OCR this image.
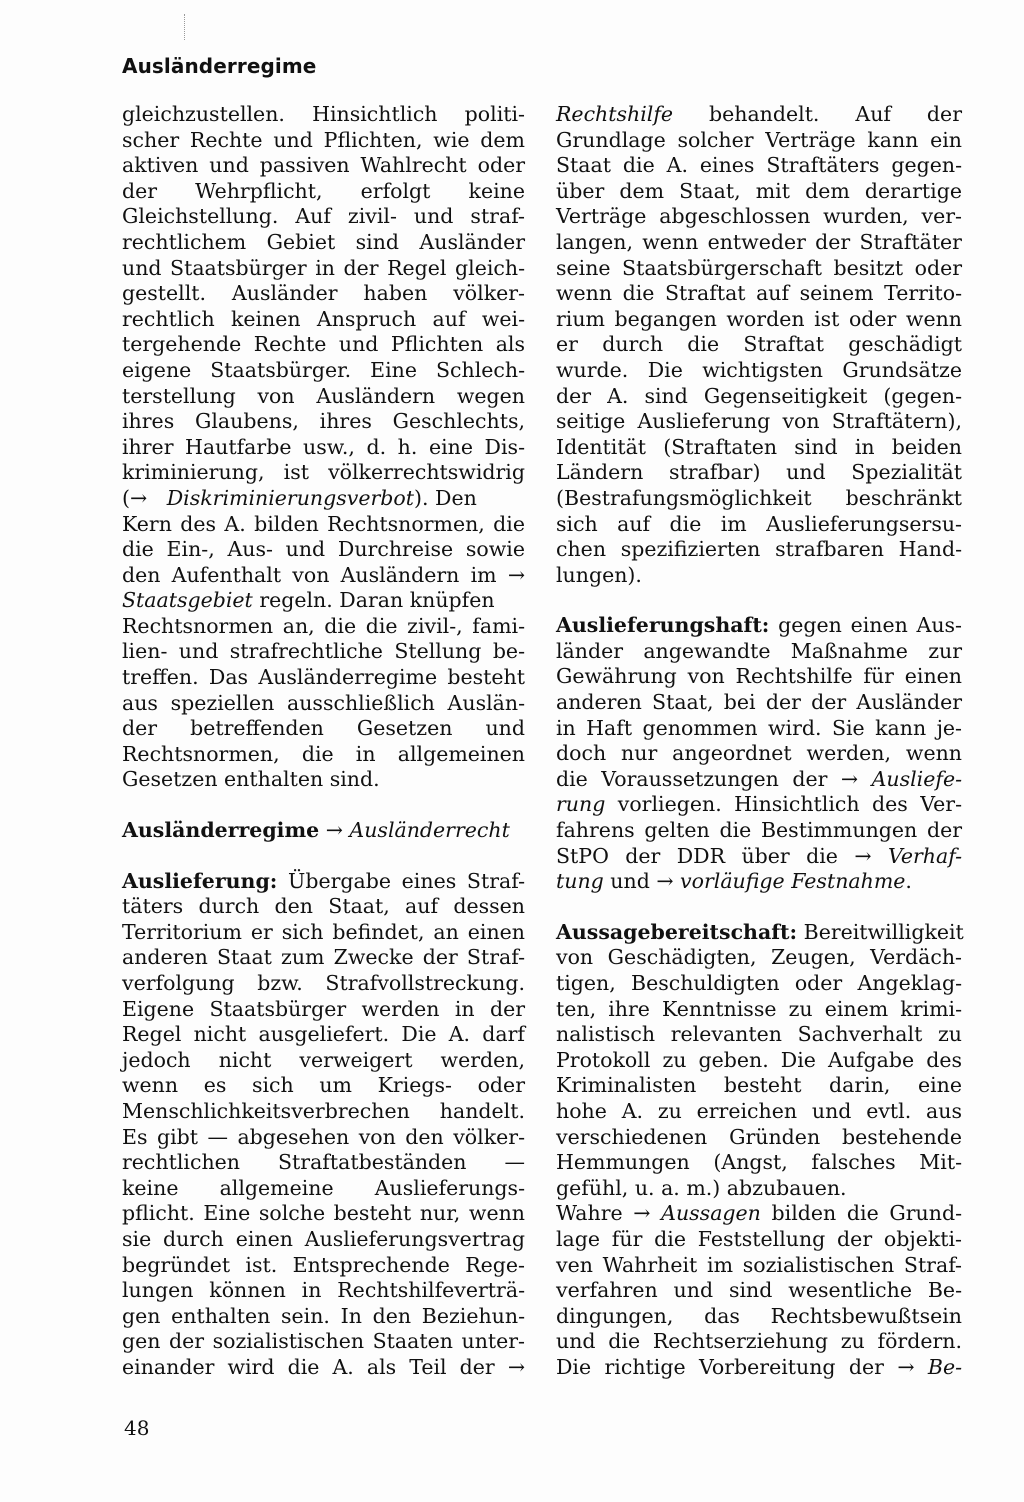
Ausländerregime

gleichzustellen. Hinsichtlich politi-
scher Rechte und Pflichten, wie dem
aktiven und passiven Wahlrecht oder
der Wehrpflicht, erfolgt keine
Gleichstellung. Auf zivil- und straf-
rechtlichem Gebiet sind Ausländer
und Staatsbürger in der Regel gleich-
gestellt. Ausländer haben völker-
rechtlich keinen Anspruch auf wei-
tergehende Rechte und Pflichten als
eigene Staatsbürger. Eine Schlech-
terstellung von Ausländern wegen
ihres Glaubens, ihres Geschlechts,
ihrer Hautfarbe usw., d. h. eine Dis-
kriminierung, ist völkerrechtswidrig
(→ Diskriminierungsverbot). Den
Kern des A. bilden Rechtsnormen, die
die Ein-, Aus- und Durchreise sowie
den Aufenthalt von Ausländern im →
Staatsgebiet regeln. Daran knüpfen
Rechtsnormen an, die die zivil-, fami-
lien- und strafrechtliche Stellung be-
treffen. Das Ausländerregime besteht
aus speziellen ausschließlich Auslän-
der betreffenden Gesetzen und
Rechtsnormen, die in allgemeinen
Gesetzen enthalten sind.

Ausländerregime → Ausländerrecht

Auslieferung: Übergabe eines Straf-
täters durch den Staat, auf dessen
Territorium er sich befindet, an einen
anderen Staat zum Zwecke der Straf-
verfolgung bzw. Strafvollstreckung.
Eigene Staatsbürger werden in der
Regel nicht ausgeliefert. Die A. darf
jedoch nicht verweigert werden,
wenn es sich um Kriegs- oder
Menschlichkeitsverbrechen handelt.
Es gibt — abgesehen von den völker-
rechtlichen Straftatbeständen —
keine allgemeine Auslieferungs-
pflicht. Eine solche besteht nur, wenn
sie durch einen Auslieferungsvertrag
begründet ist. Entsprechende Rege-
lungen können in Rechtshilfeverträ-
gen enthalten sein. In den Beziehun-
gen der sozialistischen Staaten unter-
einander wird die A. als Teil der →

Rechtshilfe behandelt. Auf der
Grundlage solcher Verträge kann ein
Staat die A. eines Straftäters gegen-
über dem Staat, mit dem derartige
Verträge abgeschlossen wurden, ver-
langen, wenn entweder der Straftäter
seine Staatsbürgerschaft besitzt oder
wenn die Straftat auf seinem Territo-
rium begangen worden ist oder wenn
er durch die Straftat geschädigt
wurde. Die wichtigsten Grundsätze
der A. sind Gegenseitigkeit (gegen-
seitige Auslieferung von Straftätern),
Identität (Straftaten sind in beiden
Ländern strafbar) und Spezialität
(Bestrafungsmöglichkeit beschränkt
sich auf die im Auslieferungsersu-
chen spezifizierten strafbaren Hand-
lungen).

Auslieferungshaft: gegen einen Aus-
länder angewandte Maßnahme zur
Gewährung von Rechtshilfe für einen
anderen Staat, bei der der Ausländer
in Haft genommen wird. Sie kann je-
doch nur angeordnet werden, wenn
die Voraussetzungen der → Ausliefe-
rung vorliegen. Hinsichtlich des Ver-
fahrens gelten die Bestimmungen der
StPO der DDR über die → Verhaf-
tung und → vorläufige Festnahme.

Aussagebereitschaft: Bereitwilligkeit
von Geschädigten, Zeugen, Verdäch-
tigen, Beschuldigten oder Angeklag-
ten, ihre Kenntnisse zu einem krimi-
nalistisch relevanten Sachverhalt zu
Protokoll zu geben. Die Aufgabe des
Kriminalisten besteht darin, eine
hohe A. zu erreichen und evtl. aus
verschiedenen Gründen bestehende
Hemmungen (Angst, falsches Mit-
gefühl, u. a. m.) abzubauen.
Wahre → Aussagen bilden die Grund-
lage für die Feststellung der objekti-
ven Wahrheit im sozialistischen Straf-
verfahren und sind wesentliche Be-
dingungen, das Rechtsbewußtsein
und die Rechtserziehung zu fördern.
Die richtige Vorbereitung der → Be-

48
